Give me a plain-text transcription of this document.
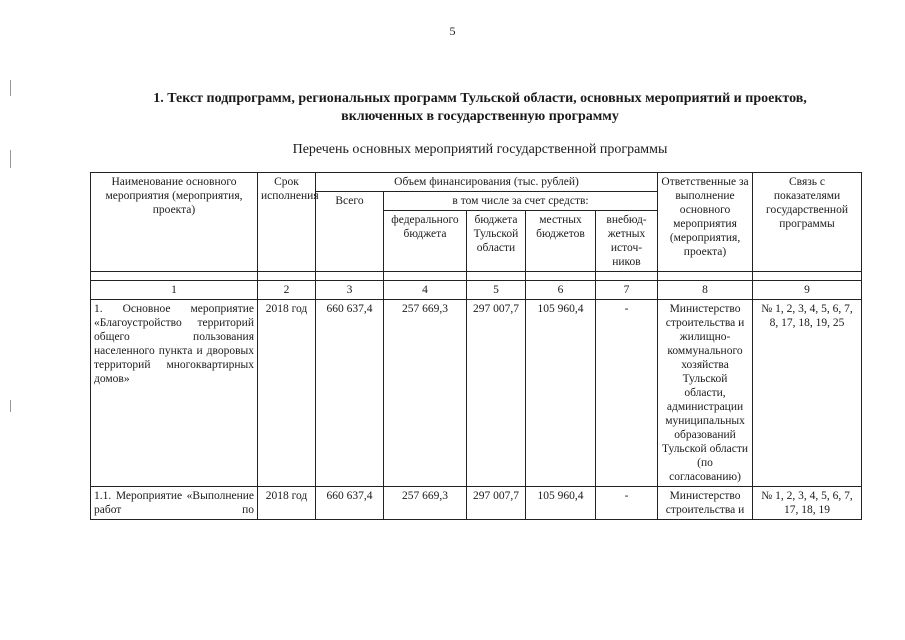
5
1. Текст подпрограмм, региональных программ Тульской области, основных мероприятий и проектов,
включенных в государственную программу
Перечень основных мероприятий государственной программы
Наименование основного мероприятия (мероприятия, проекта)	Срок исполнения	Объем финансирования (тыс. рублей)					Ответственные за выполнение основного мероприятия (мероприятия, проекта)	Связь с показателями государственной программы
		Всего	в том числе за счет средств:					
			федерального бюджета	бюджета Тульской области	местных бюджетов	внебюд-жетных источ-ников		

1	2	3	4	5	6	7	8	9
1. Основное мероприятие «Благоустройство территорий общего пользования населенного пункта и дворовых территорий многоквартирных домов»	2018 год	660 637,4	257 669,3	297 007,7	105 960,4	-	Министерство строительства и жилищно-коммунального хозяйства Тульской области, администрации муниципальных образований Тульской области (по согласованию)	№ 1, 2, 3, 4, 5, 6, 7, 8, 17, 18, 19, 25
1.1. Мероприятие «Выполнение работ по	2018 год	660 637,4	257 669,3	297 007,7	105 960,4	-	Министерство строительства и	№ 1, 2, 3, 4, 5, 6, 7, 17, 18, 19
